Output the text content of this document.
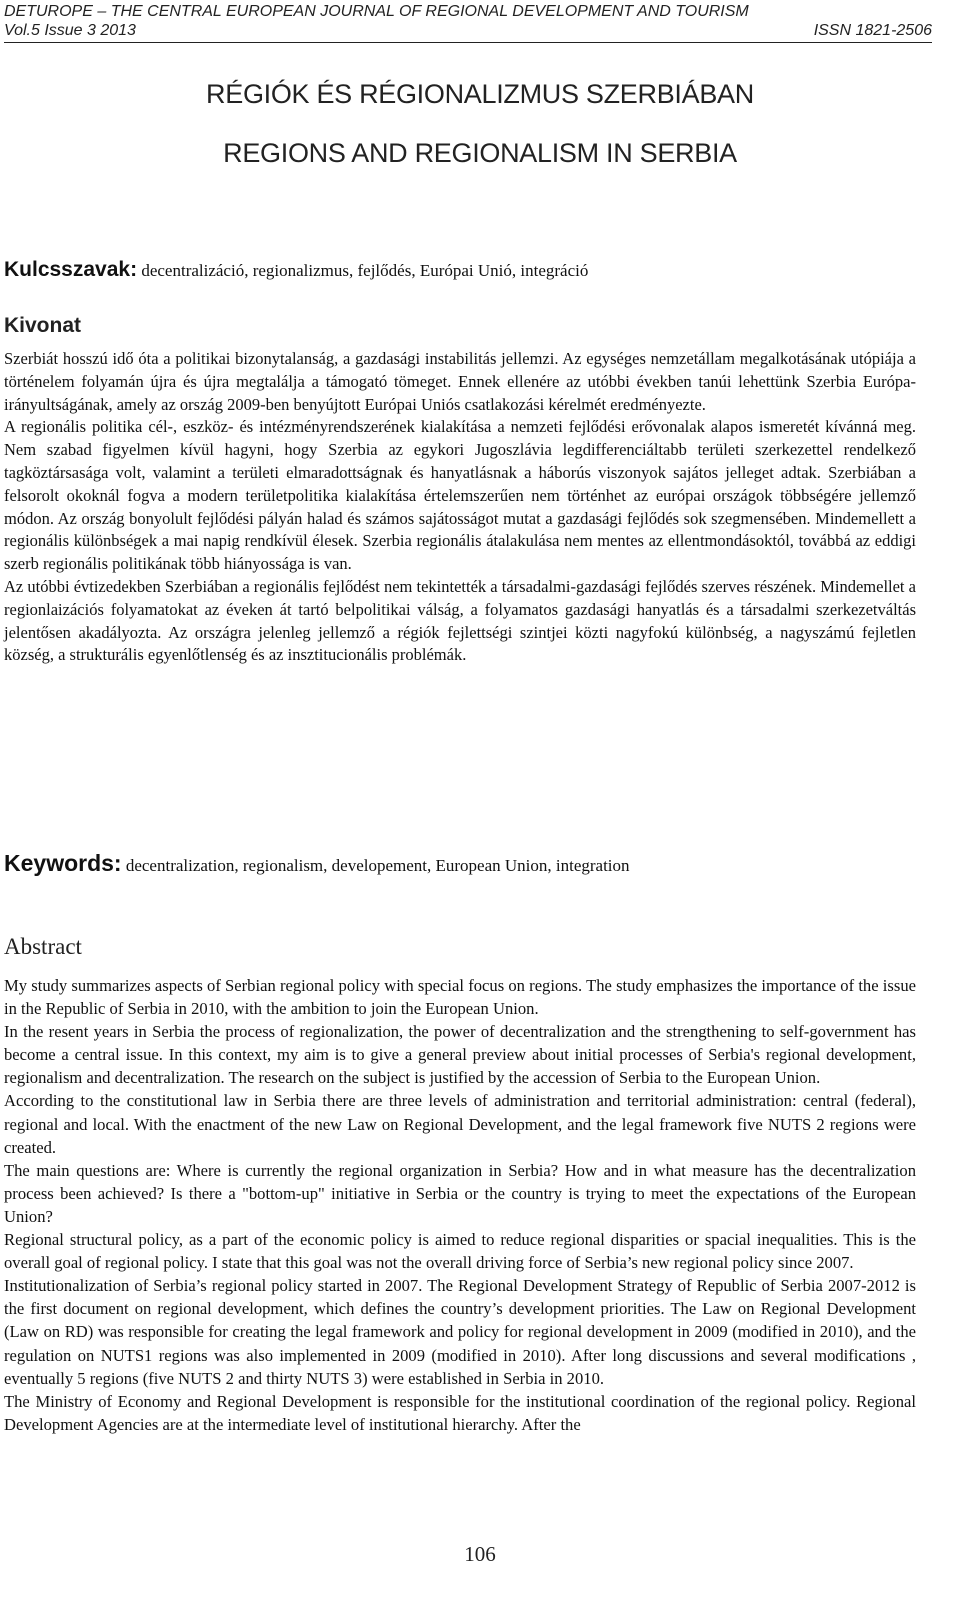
DETUROPE – THE CENTRAL EUROPEAN JOURNAL OF REGIONAL DEVELOPMENT AND TOURISM
Vol.5 Issue 3 2013	ISSN 1821-2506
RÉGIÓK ÉS RÉGIONALIZMUS SZERBIÁBAN
REGIONS AND REGIONALISM IN SERBIA
Kulcsszavak: decentralizáció, regionalizmus, fejlődés, Európai Unió, integráció
Kivonat

Szerbiát hosszú idő óta a politikai bizonytalanság, a gazdasági instabilitás jellemzi. Az egységes nemzetállam megalkotásának utópiája a történelem folyamán újra és újra megtalálja a támogató tömeget. Ennek ellenére az utóbbi években tanúi lehettünk Szerbia Európa-irányultságának, amely az ország 2009-ben benyújtott Európai Uniós csatlakozási kérelmét eredményezte.

A regionális politika cél-, eszköz- és intézményrendszerének kialakítása a nemzeti fejlődési erővonalak alapos ismeretét kívánná meg. Nem szabad figyelmen kívül hagyni, hogy Szerbia az egykori Jugoszlávia legdifferenciáltabb területi szerkezettel rendelkező tagköztársasága volt, valamint a területi elmaradottságnak és hanyatlásnak a háborús viszonyok sajátos jelleget adtak. Szerbiában a felsorolt okoknál fogva a modern területpolitika kialakítása értelemszerűen nem történhet az európai országok többségére jellemző módon. Az ország bonyolult fejlődési pályán halad és számos sajátosságot mutat a gazdasági fejlődés sok szegmensében. Mindemellett a regionális különbségek a mai napig rendkívül élesek. Szerbia regionális átalakulása nem mentes az ellentmondásoktól, továbbá az eddigi szerb regionális politikának több hiányossága is van.

Az utóbbi évtizedekben Szerbiában a regionális fejlődést nem tekintették a társadalmi-gazdasági fejlődés szerves részének. Mindemellet a regionlaizációs folyamatokat az éveken át tartó belpolitikai válság, a folyamatos gazdasági hanyatlás és a társadalmi szerkezetváltás jelentősen akadályozta. Az országra jelenleg jellemző a régiók fejlettségi szintjei közti nagyfokú különbség, a nagyszámú fejletlen község, a strukturális egyenlőtlenség és az insztitucionális problémák.

Keywords: decentralization, regionalism, developement, European Union, integration
Abstract

My study summarizes aspects of Serbian regional policy with special focus on regions. The study emphasizes the importance of the issue in the Republic of Serbia in 2010, with the ambition to join the European Union.

In the resent years in Serbia the process of regionalization, the power of decentralization and the strengthening to self-government has become a central issue. In this context, my aim is to give a general preview about initial processes of Serbia's regional development, regionalism and decentralization. The research on the subject is justified by the accession of Serbia to the European Union.

According to the constitutional law in Serbia there are three levels of administration and territorial administration: central (federal), regional and local. With the enactment of the new Law on Regional Development, and the legal framework five NUTS 2 regions were created.

The main questions are: Where is currently the regional organization in Serbia? How and in what measure has the decentralization process been achieved? Is there a "bottom-up" initiative in Serbia or the country is trying to meet the expectations of the European Union?

Regional structural policy, as a part of the economic policy is aimed to reduce regional disparities or spacial inequalities. This is the overall goal of regional policy. I state that this goal was not the overall driving force of Serbia’s new regional policy since 2007.

Institutionalization of Serbia’s regional policy started in 2007. The Regional Development Strategy of Republic of Serbia 2007-2012 is the first document on regional development, which defines the country’s development priorities. The Law on Regional Development (Law on RD) was responsible for creating the legal framework and policy for regional development in 2009 (modified in 2010), and the regulation on NUTS1 regions was also implemented in 2009 (modified in 2010). After long discussions and several modifications , eventually 5 regions (five NUTS 2 and thirty NUTS 3) were established in Serbia in 2010.

The Ministry of Economy and Regional Development is responsible for the institutional coordination of the regional policy. Regional Development Agencies are at the intermediate level of institutional hierarchy. After the

106
